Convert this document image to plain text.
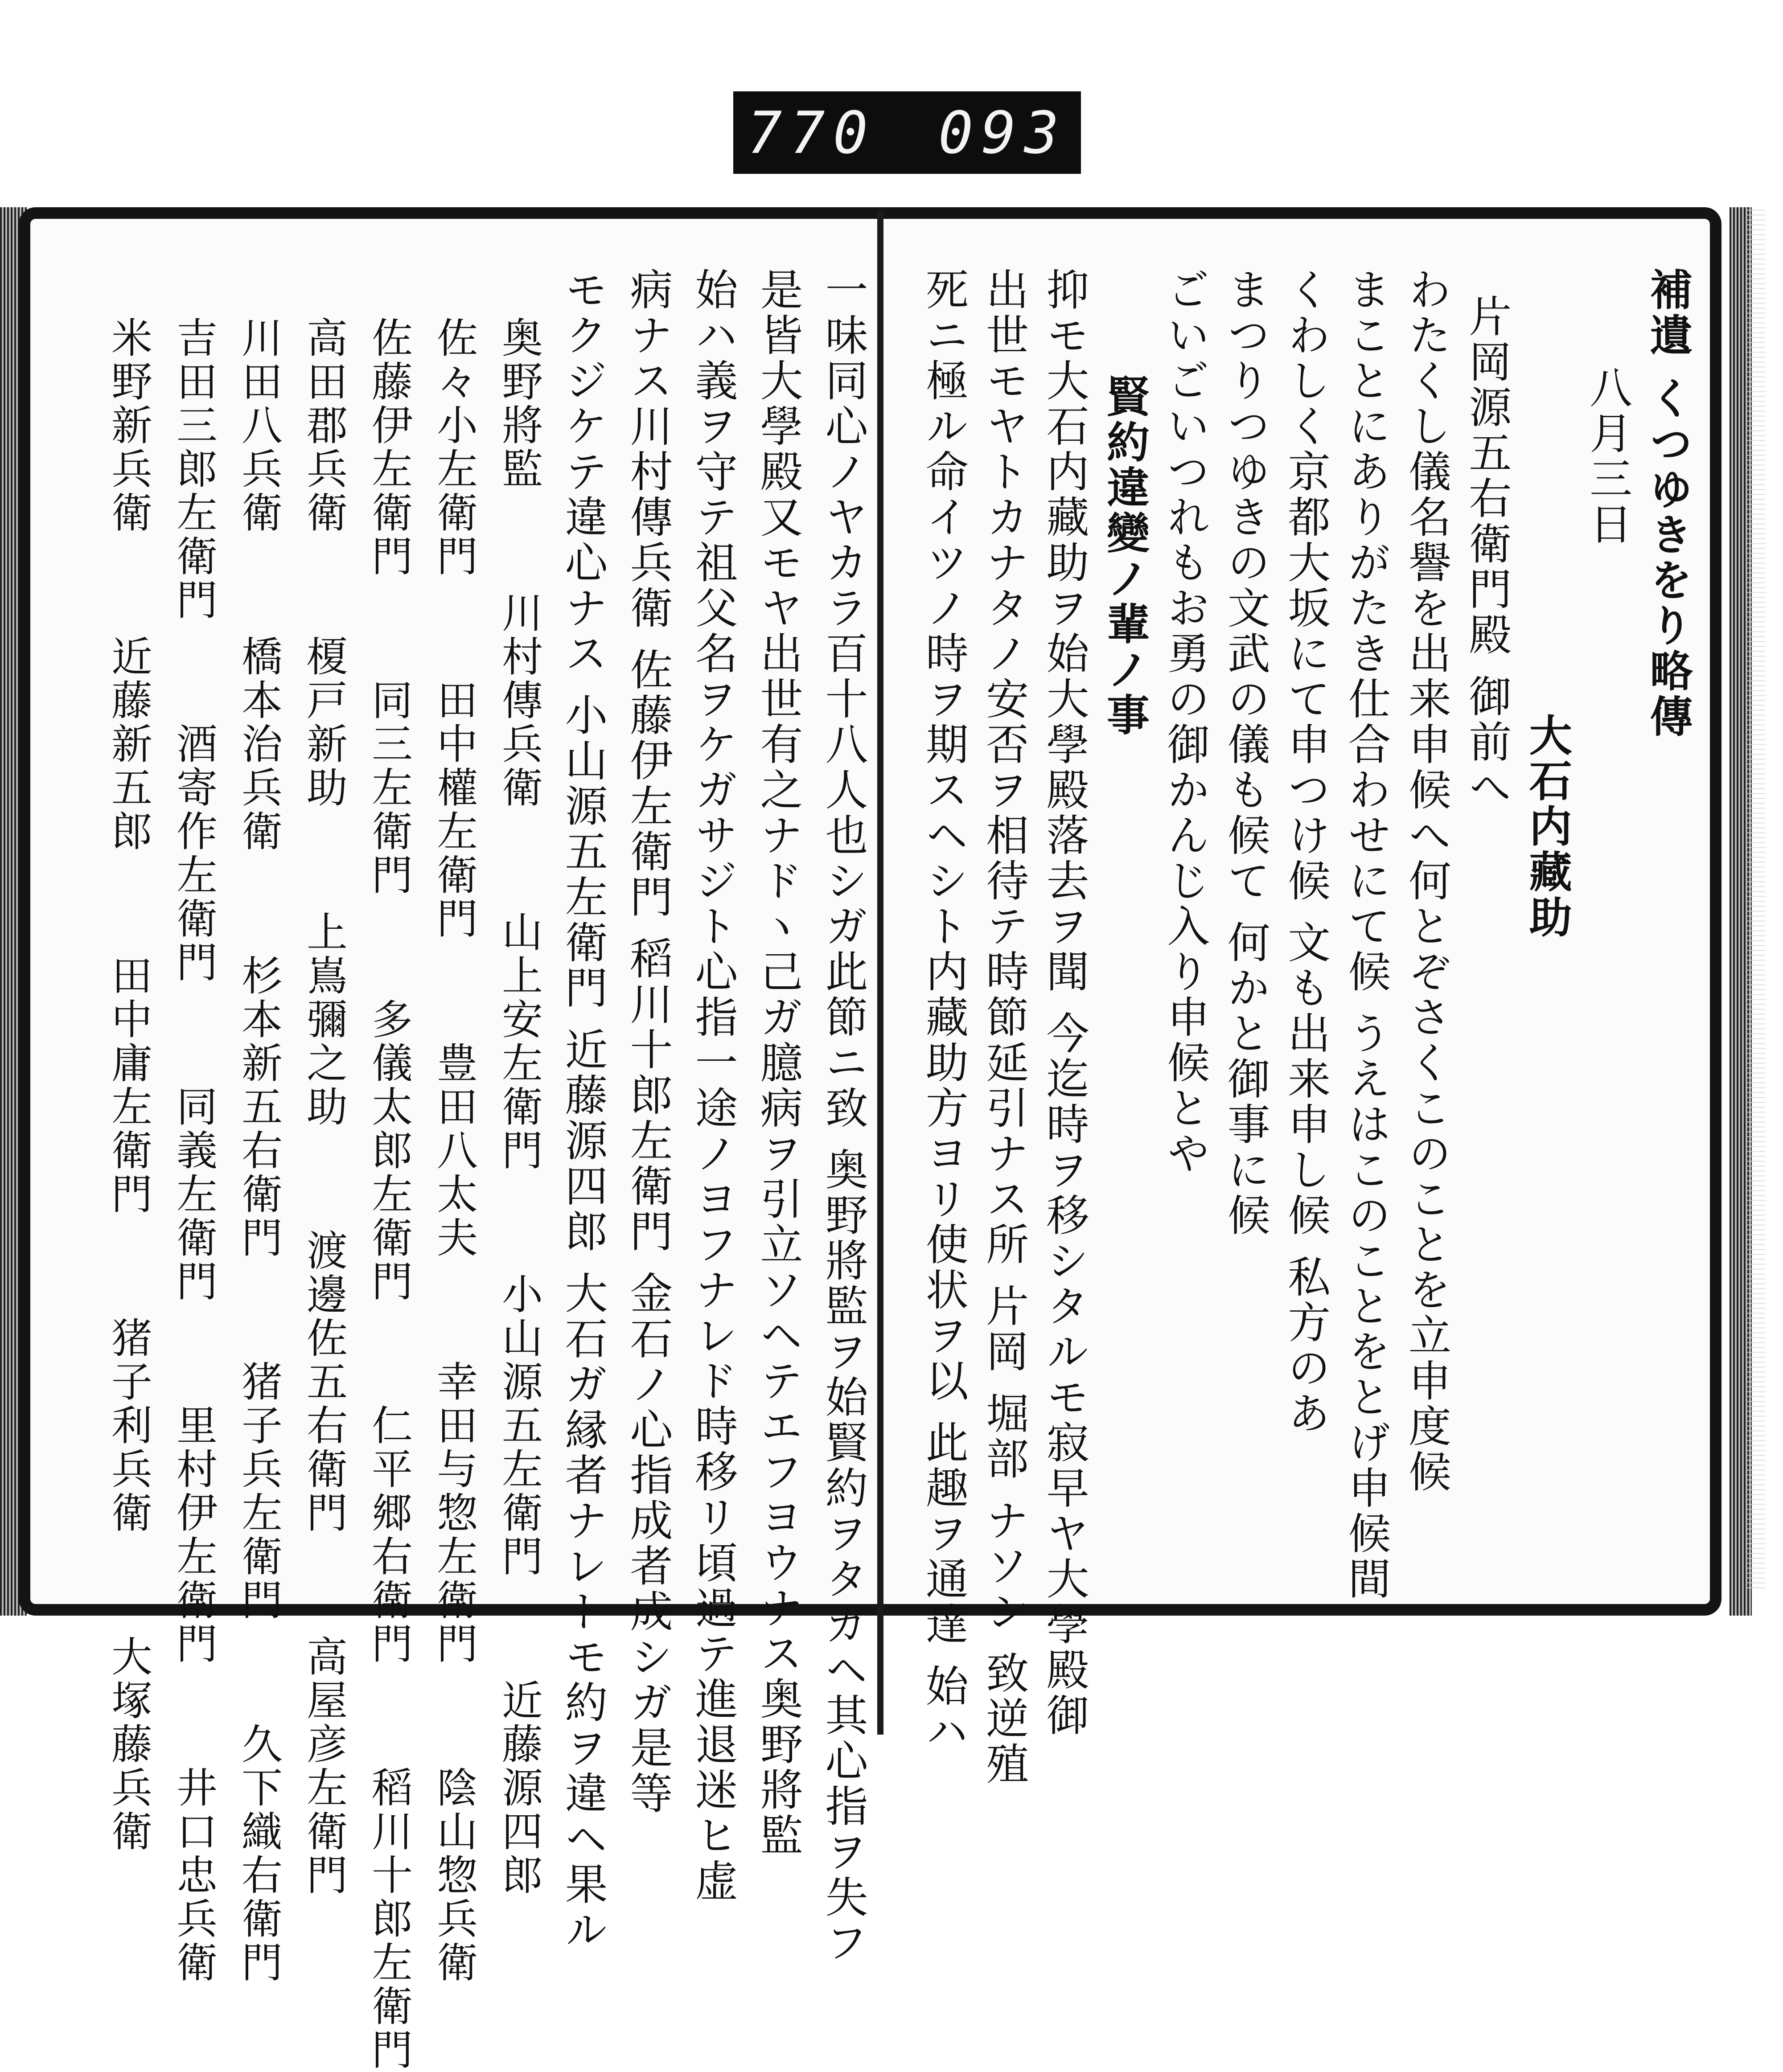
770 093
補遺 くつゆきをり略傳
八月三日
大石内藏助
片岡源五右衛門殿 御前へ
わたくし儀名譽を出来申候へ何とぞさくこのことを立申度候
まことにありがたき仕合わせにて候 うえはこのことをとげ申候間
くわしく京都大坂にて申つけ候 文も出来申し候 私方のあ
まつりつゆきの文武の儀も候て 何かと御事に候
ごいごいつれもお勇の御かんじ入り申候とや
賢約違變ノ輩ノ事
抑モ大石内藏助ヲ始大學殿落去ヲ聞 今迄時ヲ移シタルモ寂早ヤ大學殿御
出世モヤトカナタノ安否ヲ相待テ時節延引ナス所 片岡 堀部 ナソシ 致逆殖
死ニ極ル命イツノ時ヲ期スヘシト内藏助方ヨリ使状ヲ以 此趣ヲ通達 始ハ
一味同心ノヤカラ百十八人也シガ此節ニ致 奥野將監ヲ始賢約ヲタガヘ其心指ヲ失フ
是皆大學殿又モヤ出世有之ナドヽ己ガ臆病ヲ引立ソヘテエフヨウナス奥野將監
始ハ義ヲ守テ祖父名ヲケガサジト心指一途ノヨフナレド時移リ頃過テ進退迷ヒ虚
病ナス川村傳兵衛 佐藤伊左衛門 稻川十郎左衛門 金石ノ心指成者成シガ是等
モクジケテ違心ナス 小山源五左衛門 近藤源四郎 大石ガ縁者ナレトモ約ヲ違ヘ果ル
奥野將監 川村傳兵衛 山上安左衛門 小山源五左衛門 近藤源四郎
佐々小左衛門 田中權左衛門 豊田八太夫 幸田与惣左衛門 陰山惣兵衛
佐藤伊左衛門 同三左衛門 多儀太郎左衛門 仁平郷右衛門 稻川十郎左衛門
高田郡兵衛 榎戸新助 上嶌彌之助 渡邊佐五右衛門 高屋彦左衛門
川田八兵衛 橋本治兵衛 杉本新五右衛門 猪子兵左衛門 久下織右衛門
吉田三郎左衛門 酒寄作左衛門 同義左衛門 里村伊左衛門 井口忠兵衛
米野新兵衛 近藤新五郎 田中庸左衛門 猪子利兵衛 大塚藤兵衛
